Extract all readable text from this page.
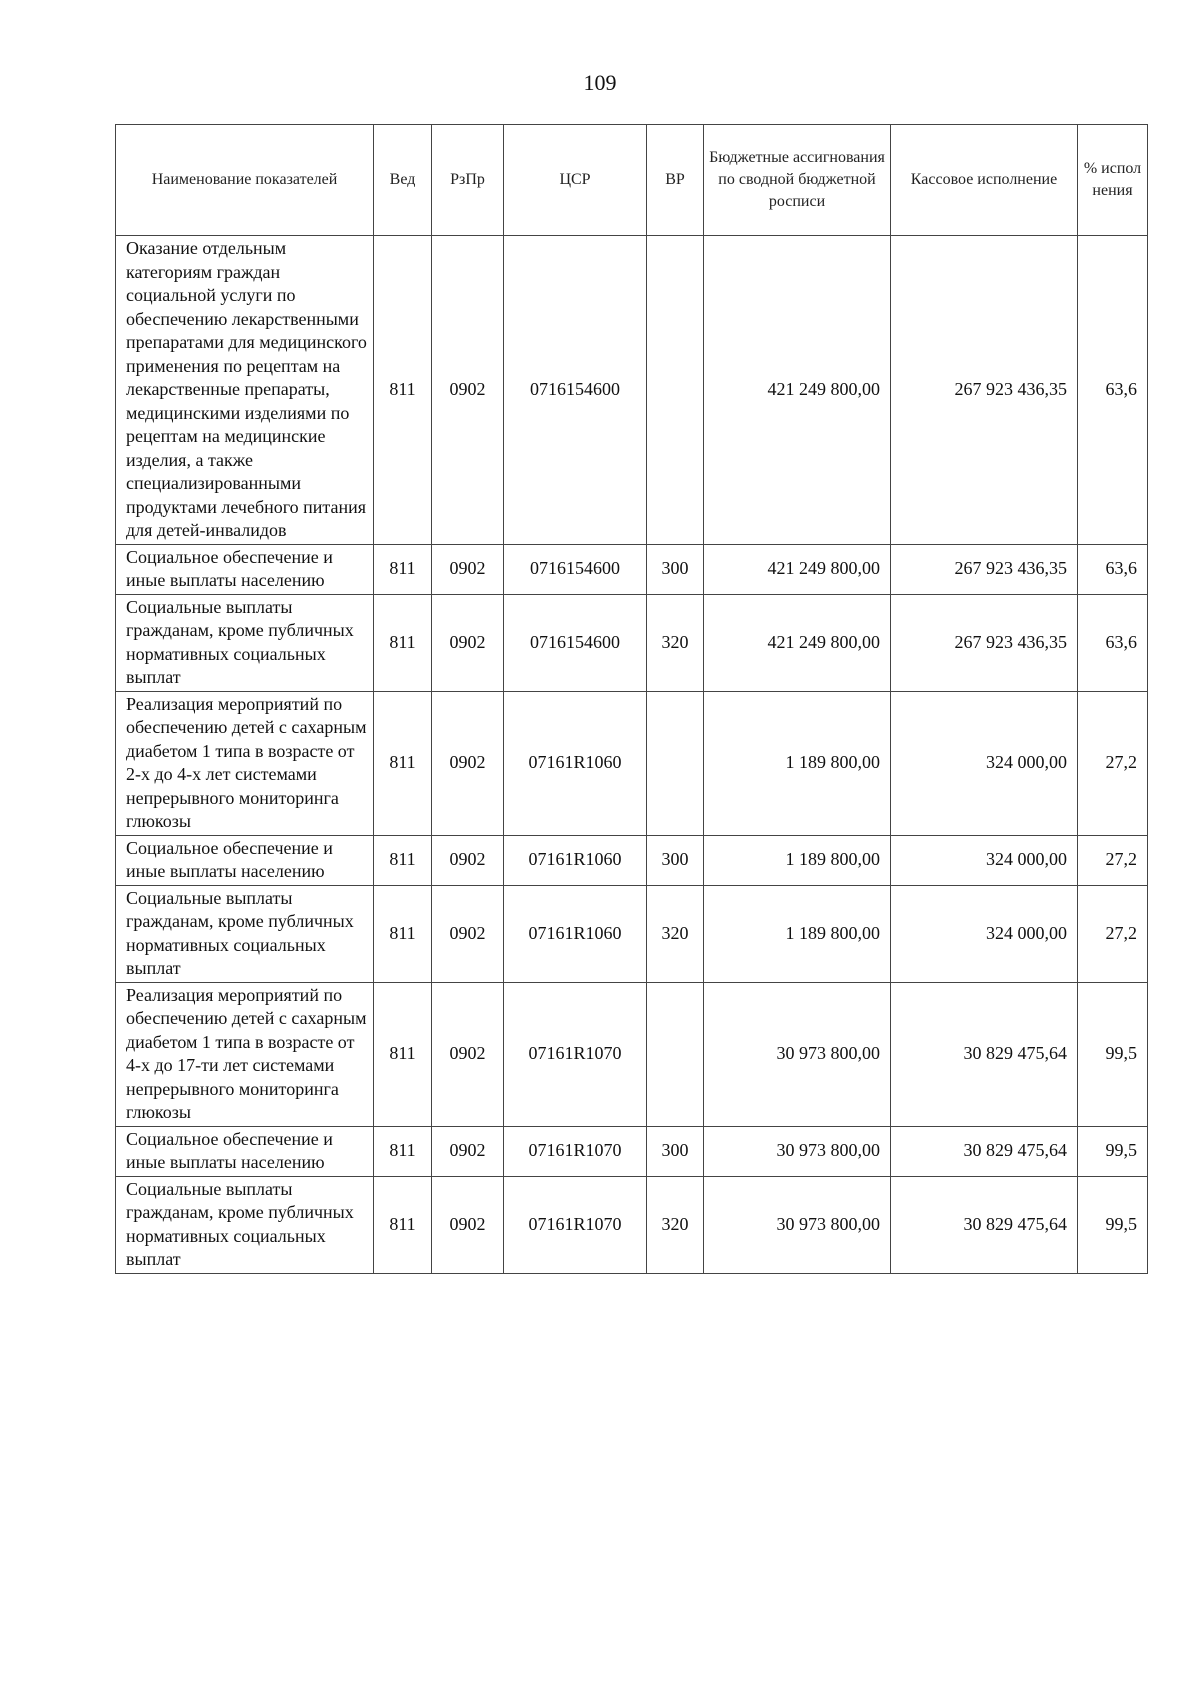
109
Наименование показателей	Вед	РзПр	ЦСР	ВР	Бюджетные ассигнования по сводной бюджетной росписи	Кассовое исполнение	% испол нения
Оказание отдельным категориям граждан социальной услуги по обеспечению лекарственными препаратами для медицинского применения по рецептам на лекарственные препараты, медицинскими изделиями по рецептам на медицинские изделия, а также специализированными продуктами лечебного питания для детей-инвалидов	811	0902	0716154600		421 249 800,00	267 923 436,35	63,6
Социальное обеспечение и иные выплаты населению	811	0902	0716154600	300	421 249 800,00	267 923 436,35	63,6
Социальные выплаты гражданам, кроме публичных нормативных социальных выплат	811	0902	0716154600	320	421 249 800,00	267 923 436,35	63,6
Реализация мероприятий по обеспечению детей с сахарным диабетом 1 типа в возрасте от 2-х до 4-х лет системами непрерывного мониторинга глюкозы	811	0902	07161R1060		1 189 800,00	324 000,00	27,2
Социальное обеспечение и иные выплаты населению	811	0902	07161R1060	300	1 189 800,00	324 000,00	27,2
Социальные выплаты гражданам, кроме публичных нормативных социальных выплат	811	0902	07161R1060	320	1 189 800,00	324 000,00	27,2
Реализация мероприятий по обеспечению детей с сахарным диабетом 1 типа в возрасте от 4-х до 17-ти лет системами непрерывного мониторинга глюкозы	811	0902	07161R1070		30 973 800,00	30 829 475,64	99,5
Социальное обеспечение и иные выплаты населению	811	0902	07161R1070	300	30 973 800,00	30 829 475,64	99,5
Социальные выплаты гражданам, кроме публичных нормативных социальных выплат	811	0902	07161R1070	320	30 973 800,00	30 829 475,64	99,5
